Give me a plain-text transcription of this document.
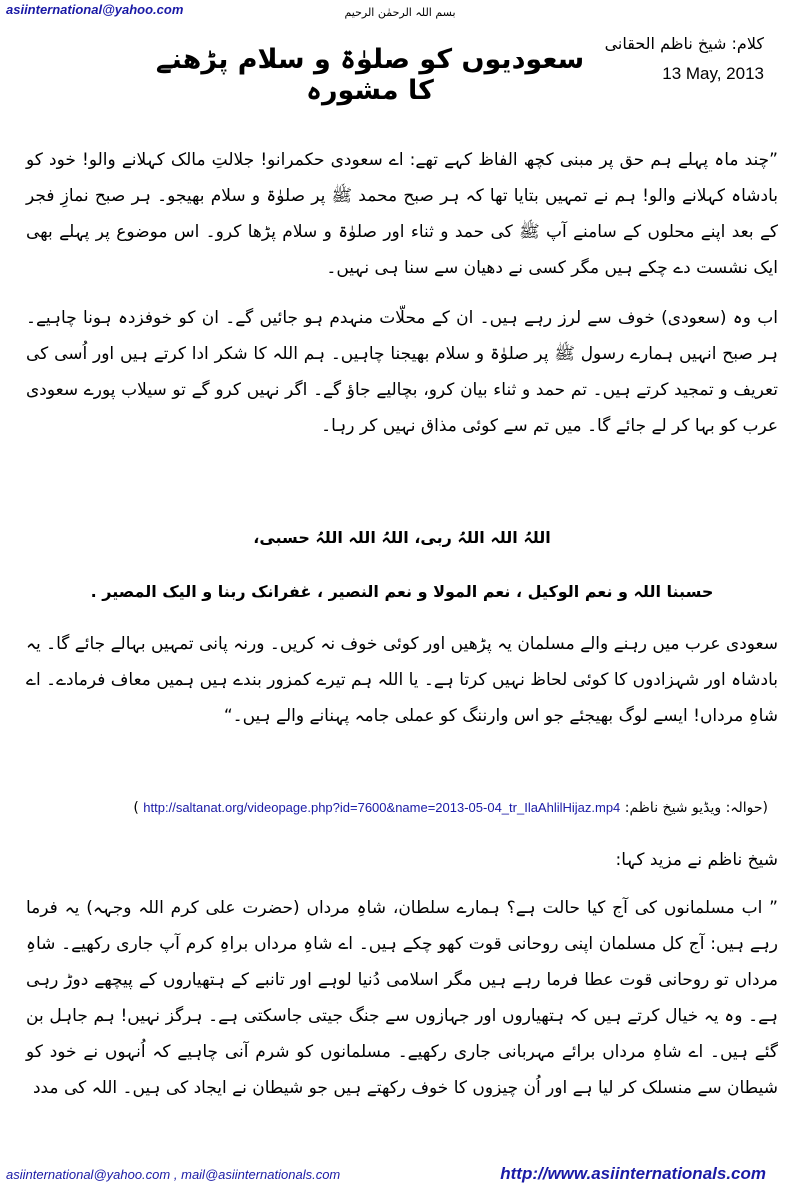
asiinternational@yahoo.com	بسم اللہ الرحمٰن الرحیم
سعودیوں کو صلوٰۃ و سلام پڑھنے کا مشورہ
کلام: شیخ ناظم الحقانی
13 May, 2013
”چند ماہ پہلے ہم حق پر مبنی کچھ الفاظ کہے تھے: اے سعودی حکمرانو! جلالتِ مالک کہلانے والو! خود کو بادشاہ کہلانے والو! ہم نے تمہیں بتایا تھا کہ ہر صبح محمد ﷺ پر صلوٰۃ و سلام بھیجو۔ ہر صبح نمازِ فجر کے بعد اپنے محلوں کے سامنے آپ ﷺ کی حمد و ثناء اور صلوٰۃ و سلام پڑھا کرو۔ اس موضوع پر پہلے بھی ایک نشست دے چکے ہیں مگر کسی نے دھیان سے سنا ہی نہیں۔
اب وہ (سعودی) خوف سے لرز رہے ہیں۔ ان کے محلّات منہدم ہو جائیں گے۔ ان کو خوفزدہ ہونا چاہیے۔ ہر صبح انہیں ہمارے رسول ﷺ پر صلوٰۃ و سلام بھیجنا چاہیں۔ ہم اللہ کا شکر ادا کرتے ہیں اور اُسی کی تعریف و تمجید کرتے ہیں۔ تم حمد و ثناء بیان کرو، بچالیے جاؤ گے۔ اگر نہیں کرو گے تو سیلاب پورے سعودی عرب کو بہا کر لے جائے گا۔ میں تم سے کوئی مذاق نہیں کر رہا۔
اللہُ اللہ اللہُ ربی، اللہُ اللہ اللہُ حسبی،
حسبنا اللہ و نعم الوکیل ، نعم المولا و نعم النصیر ، غفرانک ربنا و الیک المصیر .
سعودی عرب میں رہنے والے مسلمان یہ پڑھیں اور کوئی خوف نہ کریں۔ ورنہ پانی تمہیں بہالے جائے گا۔ یہ بادشاہ اور شہزادوں کا کوئی لحاظ نہیں کرتا ہے۔ یا اللہ ہم تیرے کمزور بندے ہیں ہمیں معاف فرمادے۔ اے شاہِ مرداں! ایسے لوگ بھیجئے جو اس وارننگ کو عملی جامہ پہنانے والے ہیں۔“
(حوالہ: ویڈیو شیخ ناظم: http://saltanat.org/videopage.php?id=7600&name=2013-05-04_tr_IlaAhlilHijaz.mp4 )
شیخ ناظم نے مزید کہا:
” اب مسلمانوں کی آج کیا حالت ہے؟ ہمارے سلطان، شاہِ مرداں (حضرت علی کرم اللہ وجہہ) یہ فرما رہے ہیں: آج کل مسلمان اپنی روحانی قوت کھو چکے ہیں۔ اے شاہِ مرداں براہِ کرم آپ جاری رکھیے۔ شاہِ مرداں تو روحانی قوت عطا فرما رہے ہیں مگر اسلامی دُنیا لوہے اور تانبے کے ہتھیاروں کے پیچھے دوڑ رہی ہے۔ وہ یہ خیال کرتے ہیں کہ ہتھیاروں اور جہازوں سے جنگ جیتی جاسکتی ہے۔ ہرگز نہیں! ہم جاہل بن گئے ہیں۔ اے شاہِ مرداں برائے مہربانی جاری رکھیے۔ مسلمانوں کو شرم آنی چاہیے کہ اُنہوں نے خود کو شیطان سے منسلک کر لیا ہے اور اُن چیزوں کا خوف رکھتے ہیں جو شیطان نے ایجاد کی ہیں۔ اللہ کی مدد
asiinternational@yahoo.com , mail@asiinternationals.com	http://www.asiinternationals.com
